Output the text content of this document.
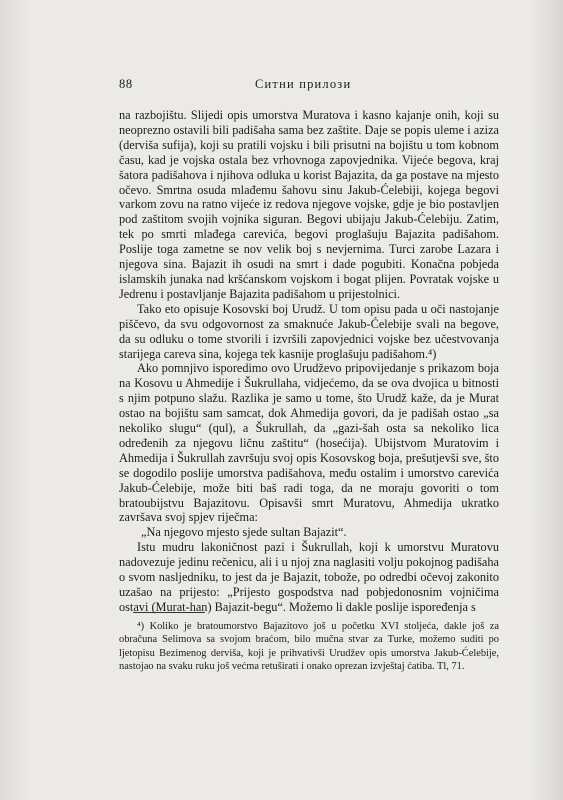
88	Ситни прилози

na razbojištu. Slijedi opis umorstva Muratova i kasno kajanje onih, koji su neoprezno ostavili bili padišaha sama bez zaštite. Daje se popis uleme i aziza (derviša sufija), koji su pratili vojsku i bili prisutni na bojištu u tom kobnom času, kad je vojska ostala bez vrhovnoga zapovjednika. Vijeće begova, kraj šatora padišahova i njihova odluka u korist Bajazita, da ga postave na mjesto očevo. Smrtna osuda mlađemu šahovu sinu Jakub-Ćelebiji, kojega begovi varkom zovu na ratno vijeće iz redova njegove vojske, gdje je bio postavljen pod zaštitom svojih vojnika siguran. Begovi ubijaju Jakub-Ćelebiju. Zatim, tek po smrti mlađega carevića, begovi proglašuju Bajazita padišahom. Poslije toga zametne se nov velik boj s nevjernima. Turci zarobe Lazara i njegova sina. Bajazit ih osudi na smrt i dade pogubiti. Konačna pobjeda islamskih junaka nad kršćanskom vojskom i bogat plijen. Povratak vojske u Jedrenu i postavljanje Bajazita padišahom u prijestolnici.

Tako eto opisuje Kosovski boj Urudž. U tom opisu pada u oči nastojanje piščevo, da svu odgovornost za smaknuće Jakub-Ćelebije svali na begove, da su odluku o tome stvorili i izvršili zapovjednici vojske bez učestvovanja starijega careva sina, kojega tek kasnije proglašuju padišahom.⁴)

Ako pomnjivo isporedimo ovo Urudževo pripovijedanje s prikazom boja na Kosovu u Ahmedije i Šukrullaha, vidjećemo, da se ova dvojica u bitnosti s njim potpuno slažu. Razlika je samo u tome, što Urudž kaže, da je Murat ostao na bojištu sam samcat, dok Ahmedija govori, da je padišah ostao „sa nekoliko slugu“ (qul), a Šukrullah, da „gazi-šah osta sa nekoliko lica određenih za njegovu ličnu zaštitu“ (hosećija). Ubijstvom Muratovim i Ahmedija i Šukrullah završuju svoj opis Kosovskog boja, prešutjevši sve, što se dogodilo poslije umorstva padišahova, među ostalim i umorstvo carevića Jakub-Ćelebije, može biti baš radi toga, da ne moraju govoriti o tom bratoubijstvu Bajazitovu. Opisavši smrt Muratovu, Ahmedija ukratko završava svoj spjev riječma:

„Na njegovo mjesto sjede sultan Bajazit“.

Istu mudru lakoničnost pazi i Šukrullah, koji k umorstvu Muratovu nadovezuje jedinu rečenicu, ali i u njoj zna naglasiti volju pokojnog padišaha o svom nasljedniku, to jest da je Bajazit, tobože, po odredbi očevoj zakonito uzašao na prijesto: „Prijesto gospodstva nad pobjedonosnim vojničima ostavi (Murat-han) Bajazit-begu“. Možemo li dakle poslije ispoređenja s

⁴) Koliko je bratoumorstvo Bajazitovo još u početku XVI stoljeća, dakle još za obračuna Selimova sa svojom braćom, bilo mučna stvar za Turke, možemo suditi po ljetopisu Bezimenog derviša, koji je prihvativši Urudžev opis umorstva Jakub-Ćelebije, nastojao na svaku ruku još većma retuširati i onako oprezan izvještaj ćatiba. Tl, 71.
